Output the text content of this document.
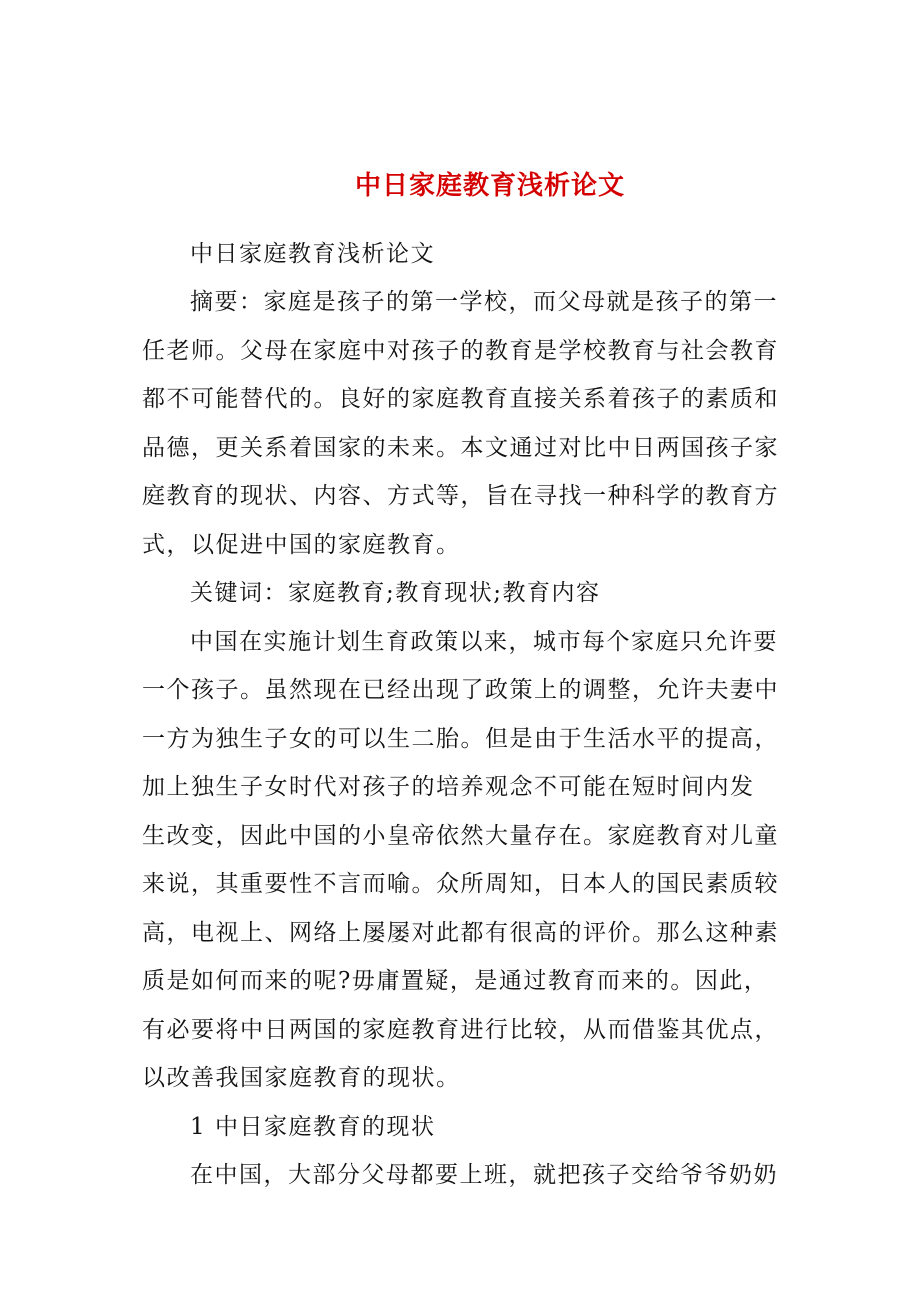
中日家庭教育浅析论文
中日家庭教育浅析论文
摘要：家庭是孩子的第一学校，而父母就是孩子的第一
任老师。父母在家庭中对孩子的教育是学校教育与社会教育
都不可能替代的。良好的家庭教育直接关系着孩子的素质和
品德，更关系着国家的未来。本文通过对比中日两国孩子家
庭教育的现状、内容、方式等，旨在寻找一种科学的教育方
式，以促进中国的家庭教育。
关键词：家庭教育;教育现状;教育内容
中国在实施计划生育政策以来，城市每个家庭只允许要
一个孩子。虽然现在已经出现了政策上的调整，允许夫妻中
一方为独生子女的可以生二胎。但是由于生活水平的提高，
加上独生子女时代对孩子的培养观念不可能在短时间内发
生改变，因此中国的小皇帝依然大量存在。家庭教育对儿童
来说，其重要性不言而喻。众所周知，日本人的国民素质较
高，电视上、网络上屡屡对此都有很高的评价。那么这种素
质是如何而来的呢?毋庸置疑，是通过教育而来的。因此，
有必要将中日两国的家庭教育进行比较，从而借鉴其优点，
以改善我国家庭教育的现状。
1 中日家庭教育的现状
在中国，大部分父母都要上班，就把孩子交给爷爷奶奶
